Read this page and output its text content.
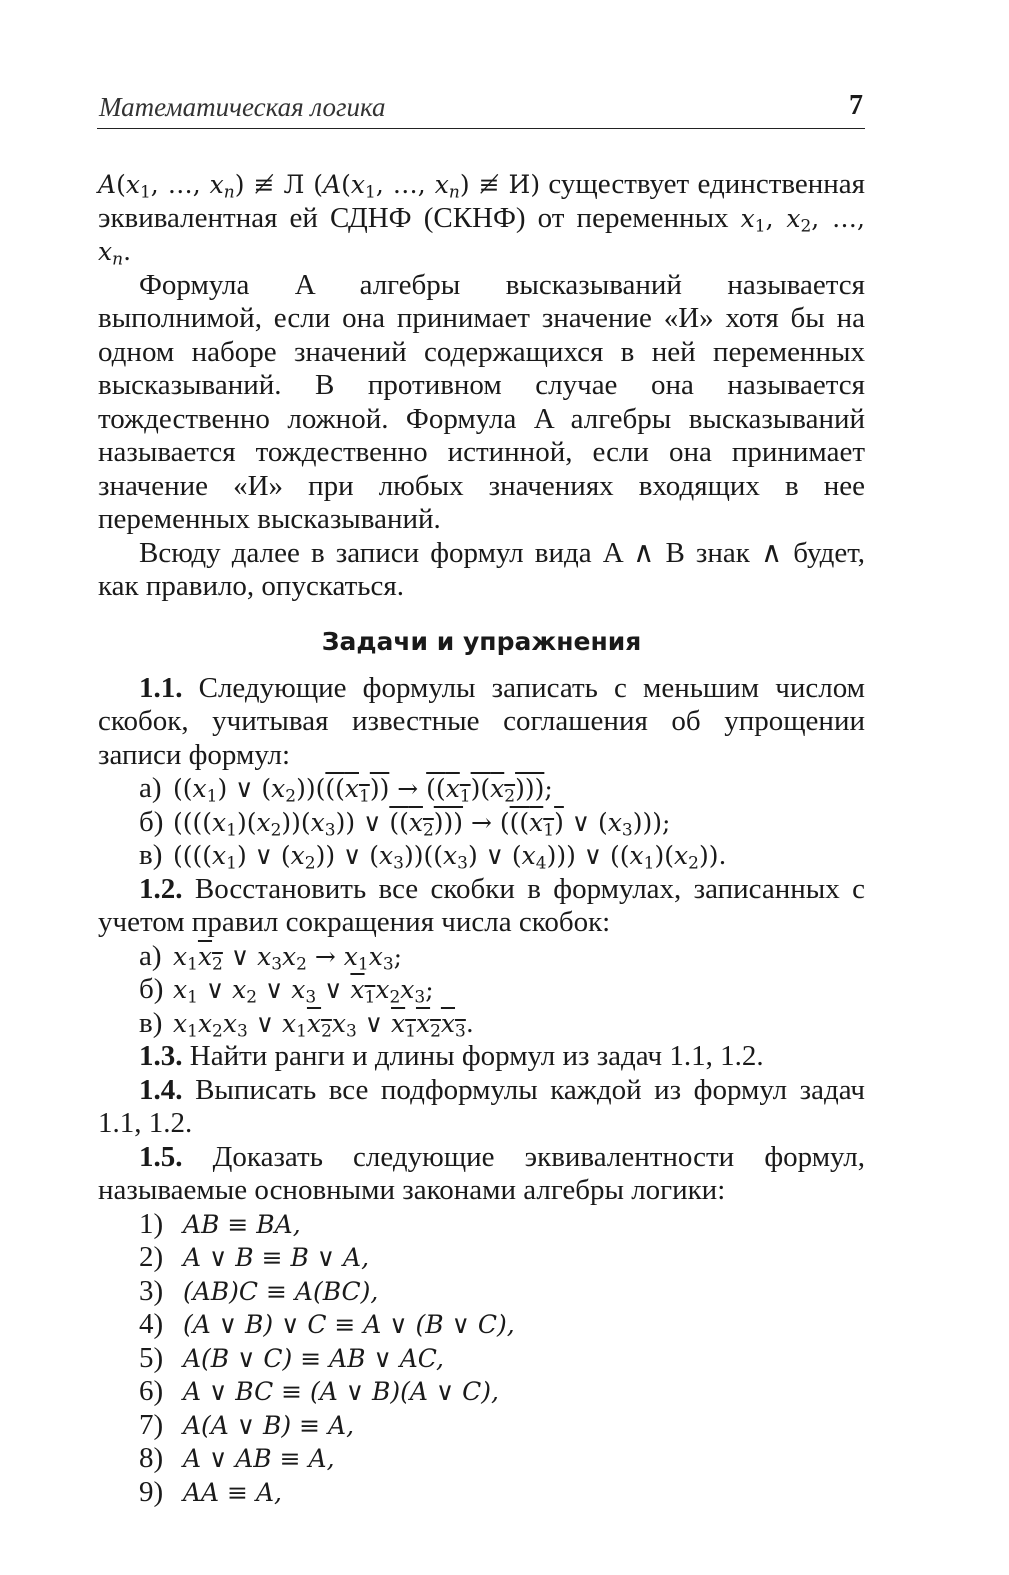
Математическая логика	7

$A(x_1$, …, $x_n$) ≢ Л ($A(x_1$, …, $x_n$) ≢ И) существует единственная эквивалентная ей СДНФ (СКНФ) от переменных $x_1$, $x_2$, …, $x_n$.

Формула A алгебры высказываний называется выполнимой, если она принимает значение «И» хотя бы на одном наборе значений содержащихся в ней переменных высказываний. В противном случае она называется тождественно ложной. Формула A алгебры высказываний называется тождественно истинной, если она принимает значение «И» при любых значениях входящих в нее переменных высказываний.

Всюду далее в записи формул вида A ∧ B знак ∧ будет, как правило, опускаться.

Задачи и упражнения

1.1. Следующие формулы записать с меньшим числом скобок, учитывая известные соглашения об упрощении записи формул:

а) ($(x_1)$ ∨ $(x_2))(((x_1)) \to ((x_1)(x_2)))$;
б) ($(((x_1)(x_2))(x_3))$ ∨ $((x_2))) \to (((x_1)$ ∨ $(x_3)$));
в) ((($(x_1)$ ∨ $(x_2)$) ∨ $(x_3))((x_3)$ ∨ $(x_4)$)) ∨ $((x_1)(x_2))$.

1.2. Восстановить все скобки в формулах, записанных с учетом правил сокращения числа скобок:

а) $x_1x_2$ ∨ $x_3x_2 \to x_1x_3$;
б) $x_1$ ∨ $x_2$ ∨ $x_3$ ∨ $x_1x_2x_3$;
в) $x_1x_2x_3$ ∨ $x_1x_2x_3$ ∨ $x_1x_2x_3$.

1.3. Найти ранги и длины формул из задач 1.1, 1.2.

1.4. Выписать все подформулы каждой из формул задач 1.1, 1.2.

1.5. Доказать следующие эквивалентности формул, называемые основными законами алгебры логики:

1) AB ≡ BA,
2) A ∨ B ≡ B ∨ A,
3) (AB)C ≡ A(BC),
4) (A ∨ B) ∨ C ≡ A ∨ (B ∨ C),
5) A(B ∨ C) ≡ AB ∨ AC,
6) A ∨ BC ≡ (A ∨ B)(A ∨ C),
7) A(A ∨ B) ≡ A,
8) A ∨ AB ≡ A,
9) AA ≡ A,
